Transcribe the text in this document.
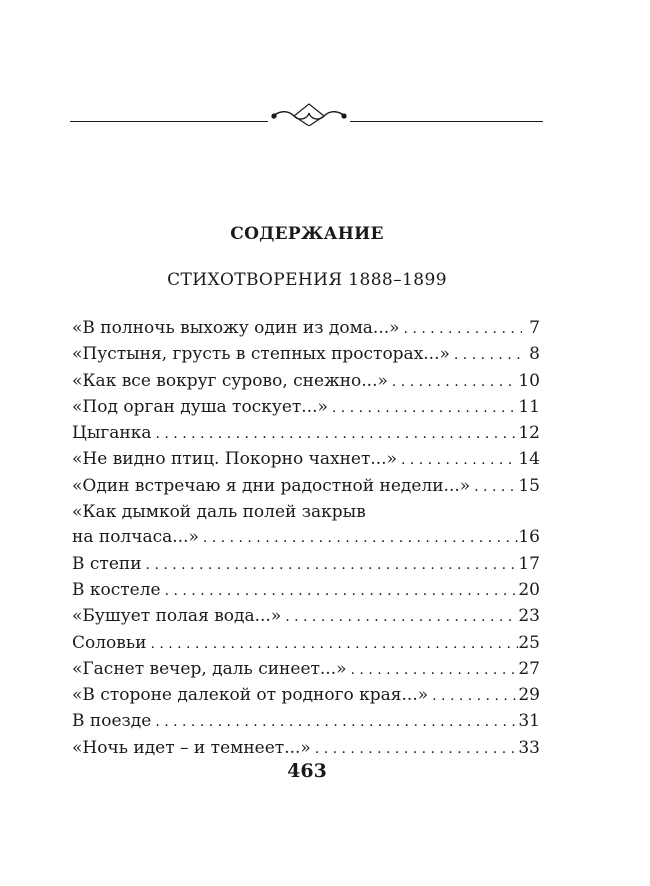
СОДЕРЖАНИЕ
СТИХОТВОРЕНИЯ 1888–1899
«В полночь выхожу один из дома...» . . .	7
«Пустыня, грусть в степных просторах...» . . .	8
«Как все вокруг сурово, снежно...» . . .	10
«Под орган душа тоскует...» . . .	11
Цыганка . . .	12
«Не видно птиц. Покорно чахнет...» . . .	14
«Один встречаю я дни радостной недели...» . . .	15
«Как дымкой даль полей закрыв
на полчаса...» . . .	16
В степи . . .	17
В костеле . . .	20
«Бушует полая вода...» . . .	23
Соловьи . . .	25
«Гаснет вечер, даль синеет...» . . .	27
«В стороне далекой от родного края...» . . .	29
В поезде . . .	31
«Ночь идет – и темнеет...» . . .	33
463
